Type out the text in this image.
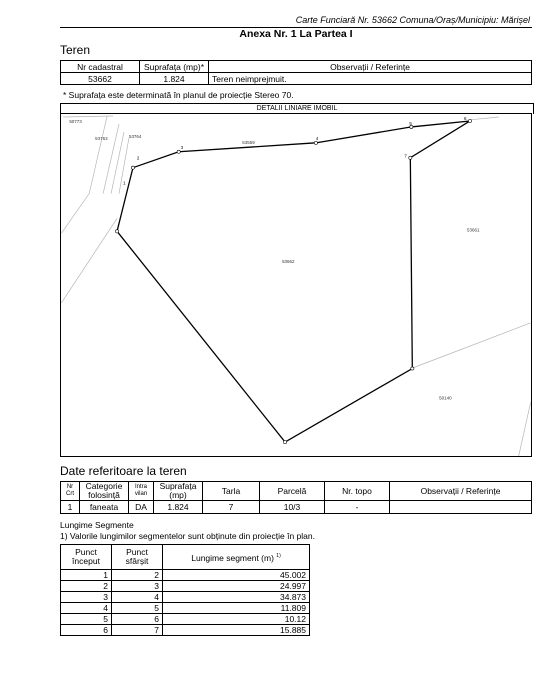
Carte Funciară Nr. 53662 Comuna/Oraș/Municipiu: Mărișel
Anexa Nr. 1 La Partea I
Teren
Nr cadastral	Suprafața (mp)*	Observații / Referințe
53662	1.824	Teren neimprejmuit.
* Suprafața este determinată în planul de proiecție Stereo 70.
DETALII LINIARE IMOBIL
1
2
3
4
5
6
7
53662
50773
53763	53764
53559
53661
50140
Date referitoare la teren
Nr Crt	Categorie folosință	Intra vilan	Suprafața (mp)	Tarla	Parcelă	Nr. topo	Observații / Referințe
1	faneata	DA	1.824	7	10/3	-	
Lungime Segmente
1) Valorile lungimilor segmentelor sunt obținute din proiecție în plan.
Punct început	Punct sfârșit	Lungime segment (m) $^{1)}$
1	2	45.002
2	3	24.997
3	4	34.873
4	5	11.809
5	6	10.12
6	7	15.885
